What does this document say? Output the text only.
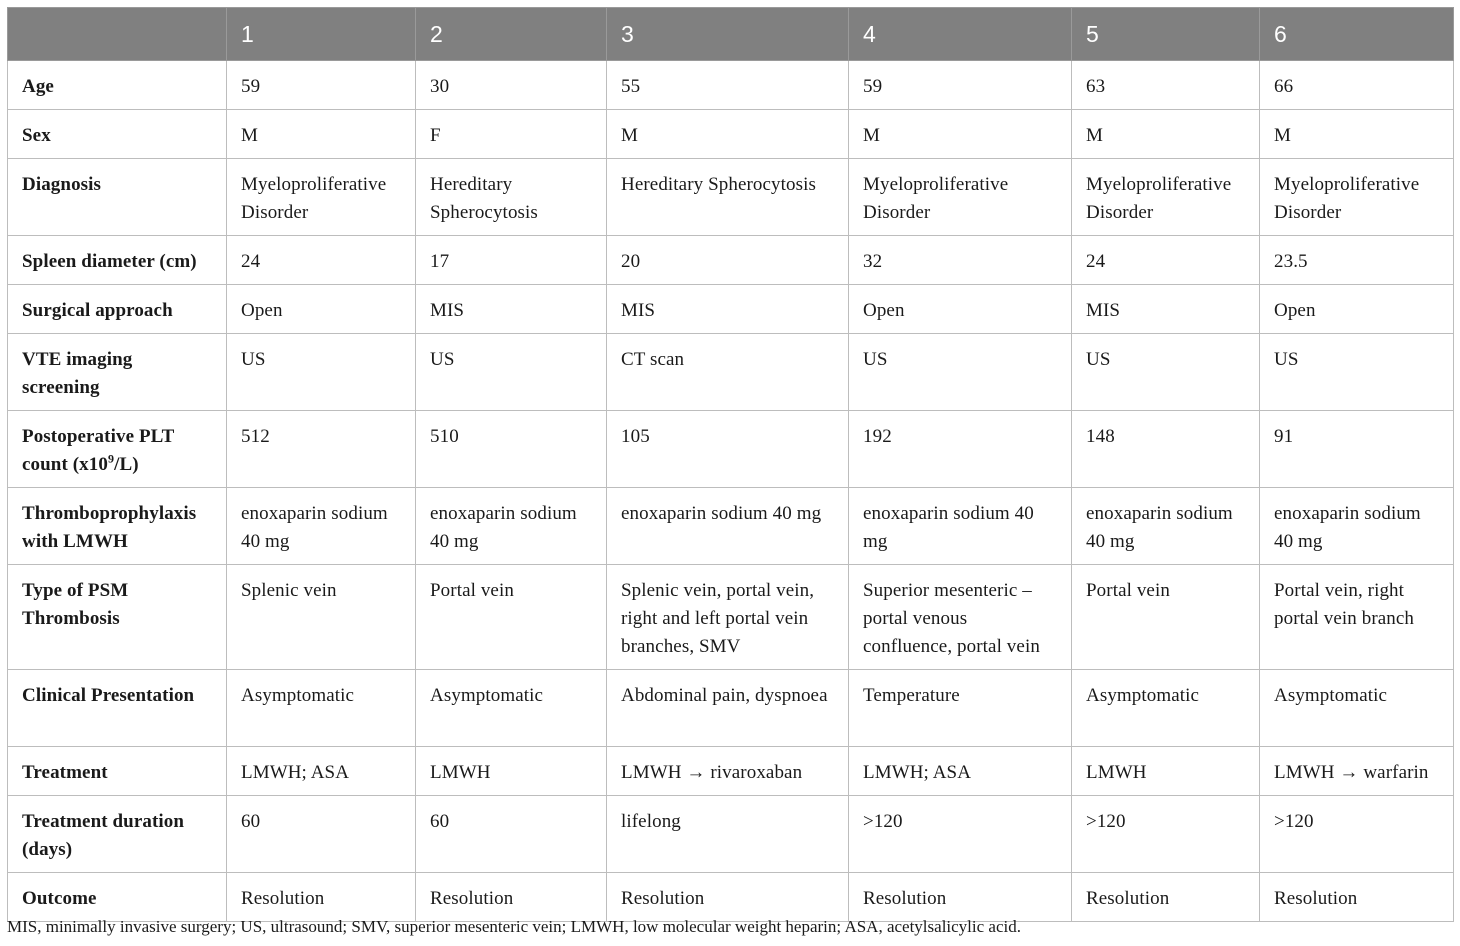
	1	2	3	4	5	6
Age	59	30	55	59	63	66
Sex	M	F	M	M	M	M
Diagnosis	Myeloproliferative Disorder	Hereditary Spherocytosis	Hereditary Spherocytosis	Myeloproliferative Disorder	Myeloproliferative Disorder	Myeloproliferative Disorder
Spleen diameter (cm)	24	17	20	32	24	23.5
Surgical approach	Open	MIS	MIS	Open	MIS	Open
VTE imaging screening	US	US	CT scan	US	US	US
Postoperative PLT count $(x10^9/L)$	512	510	105	192	148	91
Thromboprophylaxis with LMWH	enoxaparin sodium 40 mg	enoxaparin sodium 40 mg	enoxaparin sodium 40 mg	enoxaparin sodium 40 mg	enoxaparin sodium 40 mg	enoxaparin sodium 40 mg
Type of PSM Thrombosis	Splenic vein	Portal vein	Splenic vein, portal vein, right and left portal vein branches, SMV	Superior mesenteric – portal venous confluence, portal vein	Portal vein	Portal vein, right portal vein branch
Clinical Presentation	Asymptomatic	Asymptomatic	Abdominal pain, dyspnoea	Temperature	Asymptomatic	Asymptomatic
Treatment	LMWH; ASA	LMWH	LMWH → rivaroxaban	LMWH; ASA	LMWH	LMWH → warfarin
Treatment duration (days)	60	60	lifelong	>120	>120	>120
Outcome	Resolution	Resolution	Resolution	Resolution	Resolution	Resolution
MIS, minimally invasive surgery; US, ultrasound; SMV, superior mesenteric vein; LMWH, low molecular weight heparin; ASA, acetylsalicylic acid.
